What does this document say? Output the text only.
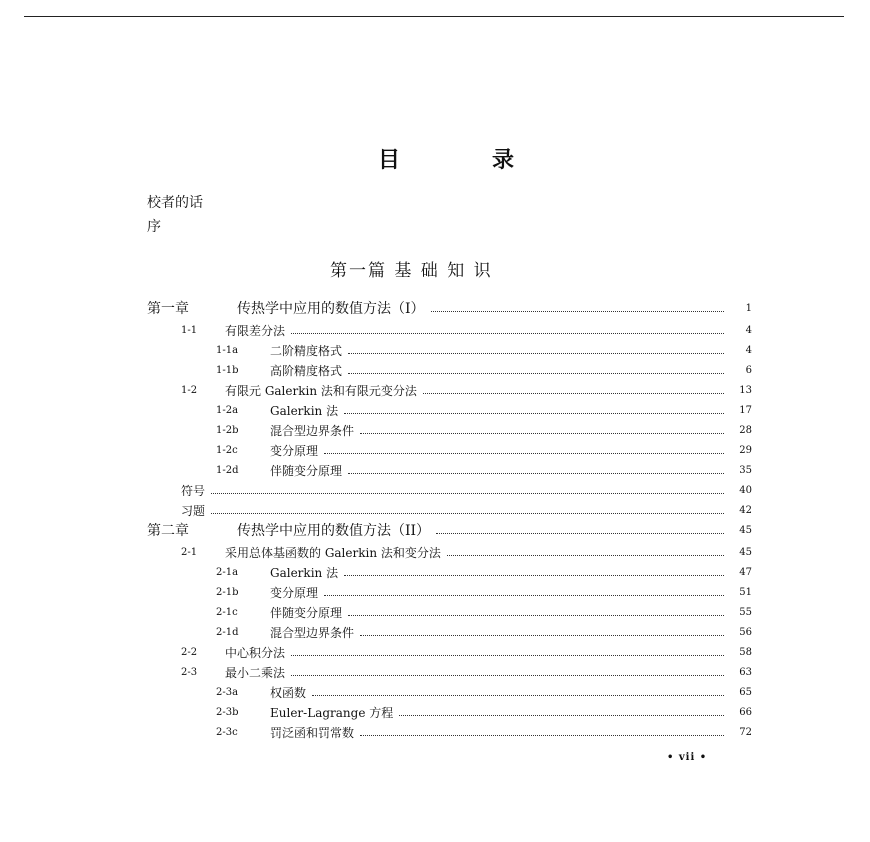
目	录
校者的话
序
第一篇 基 础 知 识
第一章	传热学中应用的数值方法（I）	1
1-1	有限差分法	4
1-1a	二阶精度格式	4
1-1b	高阶精度格式	6
1-2	有限元 Galerkin 法和有限元变分法	13
1-2a	Galerkin 法	17
1-2b	混合型边界条件	28
1-2c	变分原理	29
1-2d	伴随变分原理	35
符号	40
习题	42
第二章	传热学中应用的数值方法（II）	45
2-1	采用总体基函数的 Galerkin 法和变分法	45
2-1a	Galerkin 法	47
2-1b	变分原理	51
2-1c	伴随变分原理	55
2-1d	混合型边界条件	56
2-2	中心积分法	58
2-3	最小二乘法	63
2-3a	权函数	65
2-3b	Euler-Lagrange 方程	66
2-3c	罚泛函和罚常数	72
• vii •
